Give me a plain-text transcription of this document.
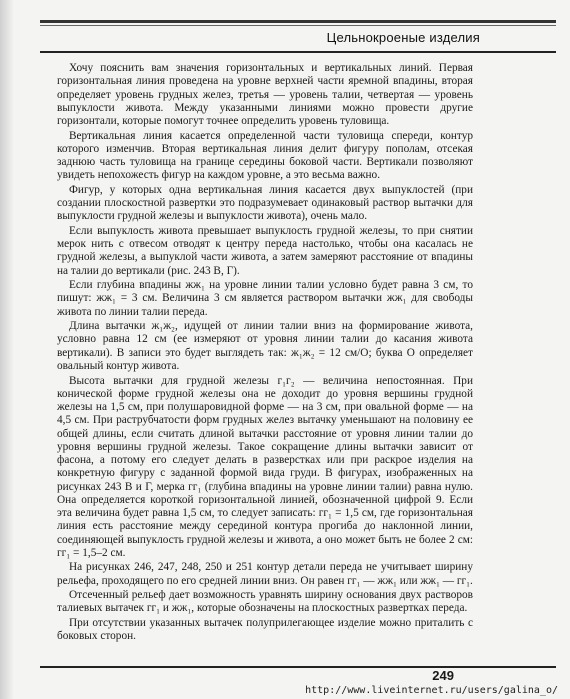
Цельнокроеные изделия

Хочу пояснить вам значения горизонтальных и вертикальных линий. Первая горизонтальная линия проведена на уровне верхней части яремной впадины, вторая определяет уровень грудных желез, третья — уровень талии, четвертая — уровень выпуклости живота. Между указанными линиями можно провести другие горизонтали, которые помогут точнее определить уровень туловища.

Вертикальная линия касается определенной части туловища спереди, контур которого изменчив. Вторая вертикальная линия делит фигуру пополам, отсекая заднюю часть туловища на границе середины боковой части. Вертикали позволяют увидеть непохожесть фигур на каждом уровне, а это весьма важно.

Фигур, у которых одна вертикальная линия касается двух выпуклостей (при создании плоскостной развертки это подразумевает одинаковый раствор вытачки для выпуклости грудной железы и выпуклости живота), очень мало.

Если выпуклость живота превышает выпуклость грудной железы, то при снятии мерок нить с отвесом отводят к центру переда настолько, чтобы она касалась не грудной железы, а выпуклой части живота, а затем замеряют расстояние от впадины на талии до вертикали (рис. 243 В, Г).

Если глубина впадины жж₁ на уровне линии талии условно будет равна 3 см, то пишут: жж₁ = 3 см. Величина 3 см является раствором вытачки жж₁ для свободы живота по линии талии переда.

Длина вытачки ж₁ж₂, идущей от линии талии вниз на формирование живота, условно равна 12 см (ее измеряют от уровня линии талии до касания живота вертикали). В записи это будет выглядеть так: ж₁ж₂ = 12 см/О; буква О определяет овальный контур живота.

Высота вытачки для грудной железы г₁г₂ — величина непостоянная. При конической форме грудной железы она не доходит до уровня вершины грудной железы на 1,5 см, при полушаровидной форме — на 3 см, при овальной форме — на 4,5 см. При раструбчатости форм грудных желез вытачку уменьшают на половину ее общей длины, если считать длиной вытачки расстояние от уровня линии талии до уровня вершины грудной железы. Такое сокращение длины вытачки зависит от фасона, а потому его следует делать в разверстках или при раскрое изделия на конкретную фигуру с заданной формой вида груди. В фигурах, изображенных на рисунках 243 В и Г, мерка гг₁ (глубина впадины на уровне линии талии) равна нулю. Она определяется короткой горизонтальной линией, обозначенной цифрой 9. Если эта величина будет равна 1,5 см, то следует записать: гг₁ = 1,5 см, где горизонтальная линия есть расстояние между серединой контура прогиба до наклонной линии, соединяющей выпуклость грудной железы и живота, а оно может быть не более 2 см: гг₁ = 1,5–2 см.

На рисунках 246, 247, 248, 250 и 251 контур детали переда не учитывает ширину рельефа, проходящего по его средней линии вниз. Он равен гг₁ — жж₁ или жж₁ — гг₁.

Отсеченный рельеф дает возможность уравнять ширину основания двух растворов талиевых вытачек гг₁ и жж₁, которые обозначены на плоскостных развертках переда.

При отсутствии указанных вытачек полуприлегающее изделие можно приталить с боковых сторон.

249
http://www.liveinternet.ru/users/galina_o/
